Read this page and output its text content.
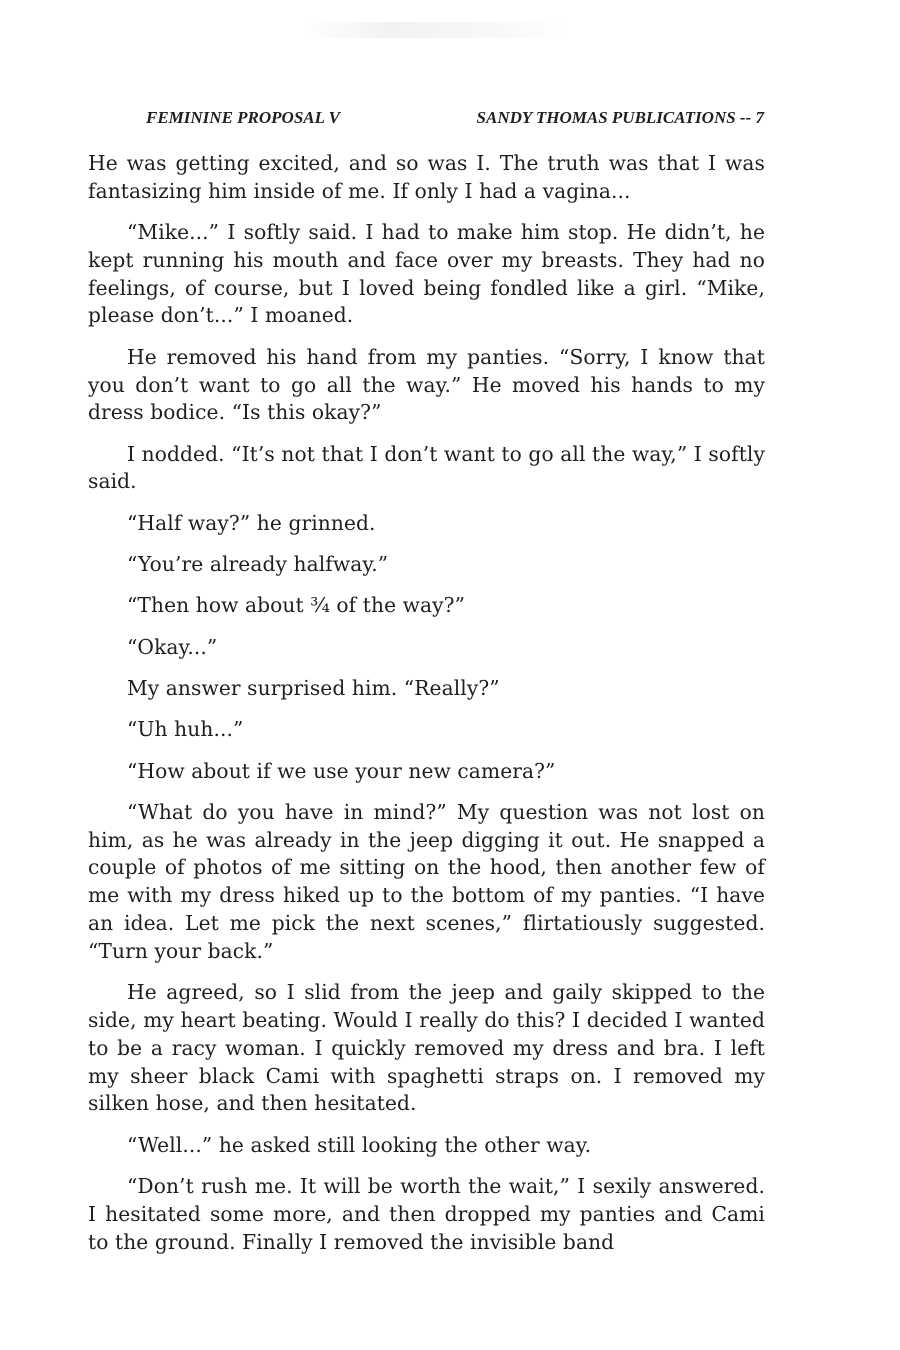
FEMININE PROPOSAL V	SANDY THOMAS PUBLICATIONS -- 7

He was getting excited, and so was I. The truth was that I was fantasizing him inside of me. If only I had a vagina...

“Mike...” I softly said. I had to make him stop. He didn’t, he kept running his mouth and face over my breasts. They had no feelings, of course, but I loved being fondled like a girl. “Mike, please don’t...” I moaned.

He removed his hand from my panties. “Sorry, I know that you don’t want to go all the way.” He moved his hands to my dress bodice. “Is this okay?”

I nodded. “It’s not that I don’t want to go all the way,” I softly said.

“Half way?” he grinned.

“You’re already halfway.”

“Then how about ¾ of the way?”

“Okay...”

My answer surprised him. “Really?”

“Uh huh...”

“How about if we use your new camera?”

“What do you have in mind?” My question was not lost on him, as he was already in the jeep digging it out. He snapped a couple of photos of me sitting on the hood, then another few of me with my dress hiked up to the bottom of my panties. “I have an idea. Let me pick the next scenes,” flirtatiously suggested. “Turn your back.”

He agreed, so I slid from the jeep and gaily skipped to the side, my heart beating. Would I really do this? I decided I wanted to be a racy woman. I quickly removed my dress and bra. I left my sheer black Cami with spaghetti straps on. I removed my silken hose, and then hesitated.

“Well...” he asked still looking the other way.

“Don’t rush me. It will be worth the wait,” I sexily answered. I hesitated some more, and then dropped my panties and Cami to the ground. Finally I removed the invisible band
